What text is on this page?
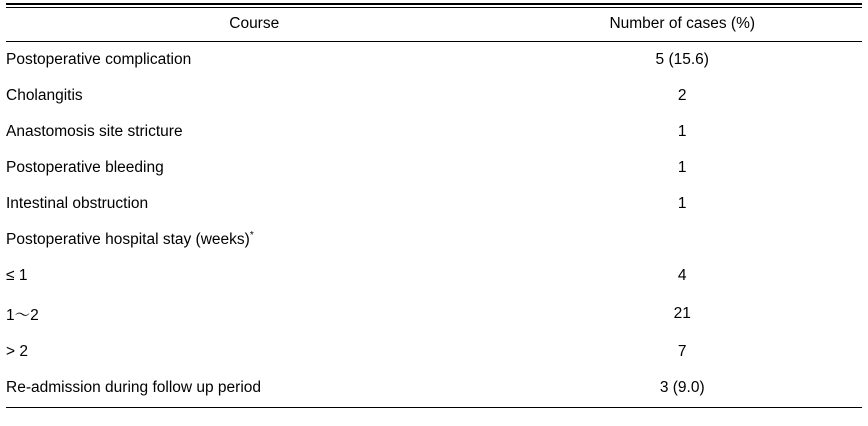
Course	Number of cases (%)
Postoperative complication	5 (15.6)
Cholangitis	2
Anastomosis site stricture	1
Postoperative bleeding	1
Intestinal obstruction	1
Postoperative hospital stay (weeks)*	
≤ 1	4
1～2	21
> 2	7
Re-admission during follow up period	3 (9.0)
